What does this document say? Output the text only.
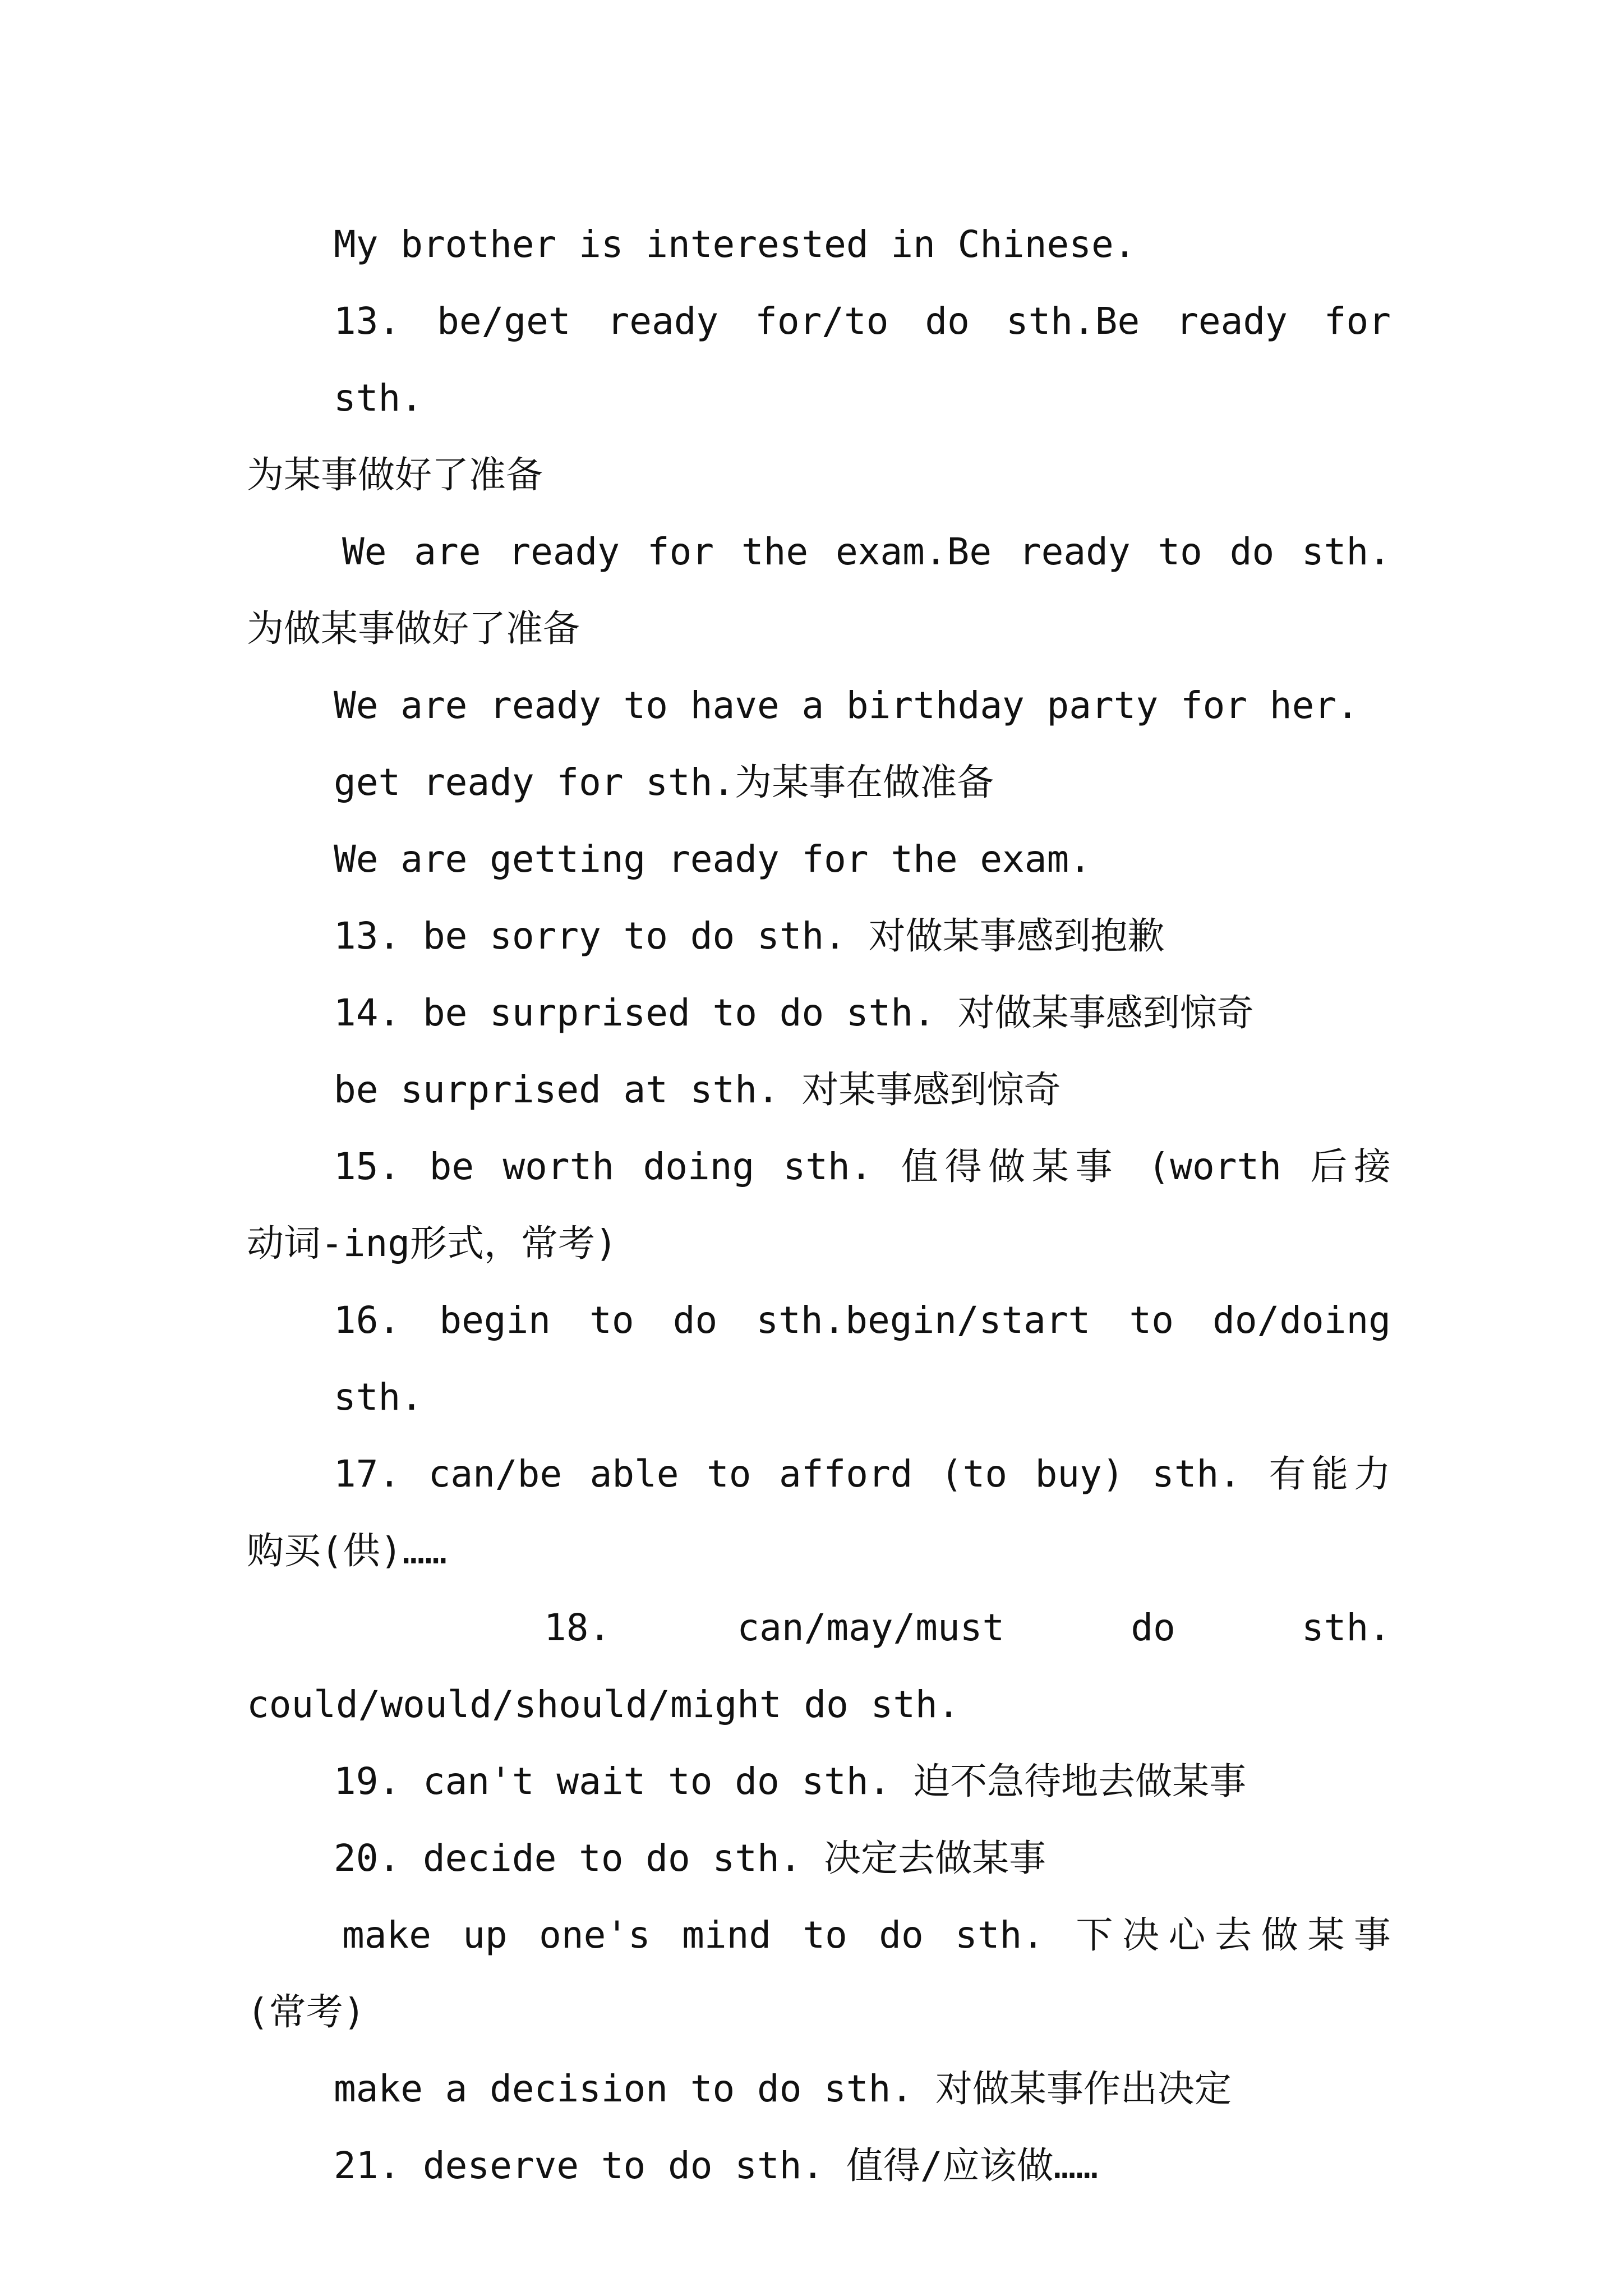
My brother is interested in Chinese.
13. be/get ready for/to do sth.Be ready for sth.
为某事做好了准备
We are ready for the exam.Be ready to do sth.
为做某事做好了准备
We are ready to have a birthday party for her.
get ready for sth.为某事在做准备
We are getting ready for the exam.
13. be sorry to do sth. 对做某事感到抱歉
14. be surprised to do sth. 对做某事感到惊奇
be surprised at sth. 对某事感到惊奇
15. be worth doing sth. 值得做某事 (worth 后接
动词-ing形式，常考)
16. begin to do sth.begin/start to do/doing sth.
17. can/be able to afford (to buy) sth. 有能力
购买(供)……
18. can/may/must do sth.
could/would/should/might do sth.
19. can't wait to do sth. 迫不急待地去做某事
20. decide to do sth. 决定去做某事
make up one's mind to do sth. 下决心去做某事
(常考)
make a decision to do sth. 对做某事作出决定
21. deserve to do sth. 值得/应该做……
